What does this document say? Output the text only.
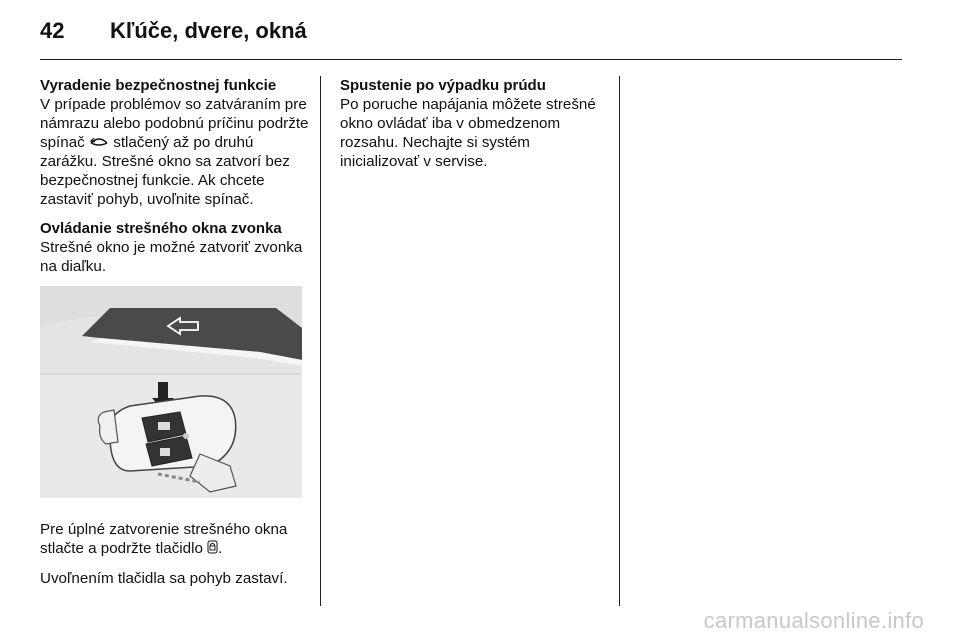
42 Kľúče, dvere, okná
Vyradenie bezpečnostnej funkcie

V prípade problémov so zatváraním pre námrazu alebo podobnú príčinu podržte spínač stlačený až po druhú zarážku. Strešné okno sa zatvorí bez bezpečnostnej funkcie. Ak chcete zastaviť pohyb, uvoľnite spínač.

Ovládanie strešného okna zvonka

Strešné okno je možné zatvoriť zvonka na diaľku.

Pre úplné zatvorenie strešného okna stlačte a podržte tlačidlo .

Uvoľnením tlačidla sa pohyb zastaví.

Spustenie po výpadku prúdu

Po poruche napájania môžete strešné okno ovládať iba v obmedzenom rozsahu. Nechajte si systém inicializovať v servise.

carmanualsonline.info
